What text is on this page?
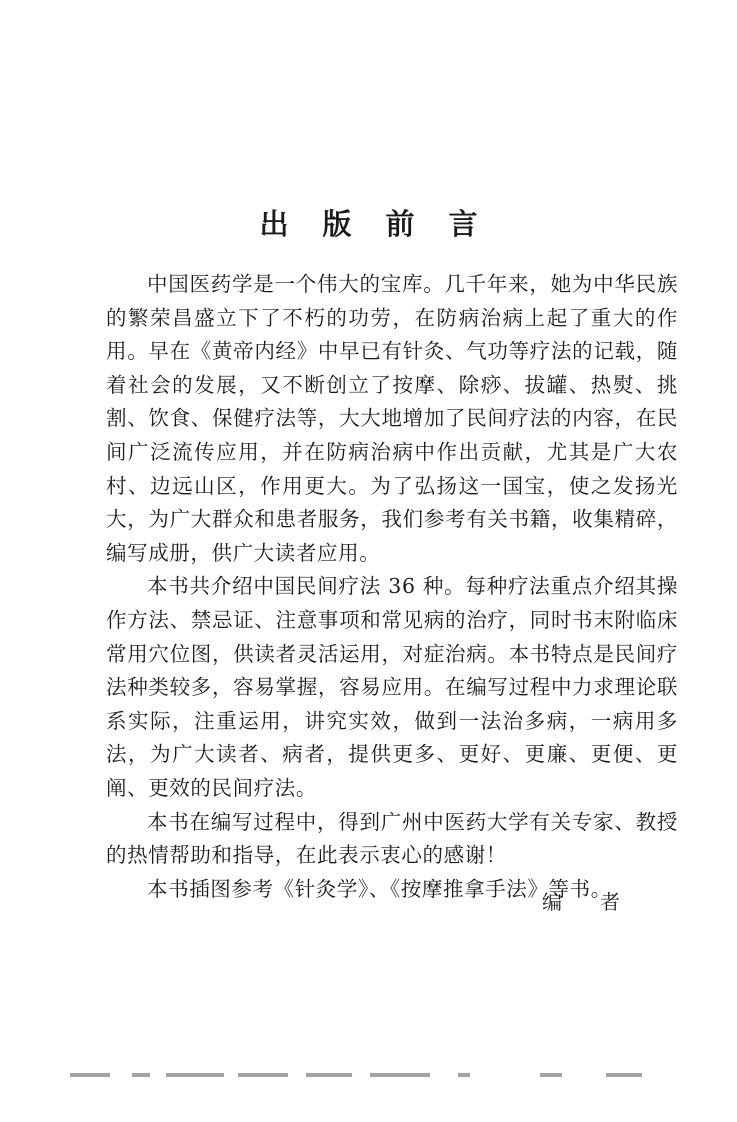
出版前言

中国医药学是一个伟大的宝库。几千年来，她为中华民族的繁荣昌盛立下了不朽的功劳，在防病治病上起了重大的作用。早在《黄帝内经》中早已有针灸、气功等疗法的记载，随着社会的发展，又不断创立了按摩、除痧、拔罐、热熨、挑割、饮食、保健疗法等，大大地增加了民间疗法的内容，在民间广泛流传应用，并在防病治病中作出贡献，尤其是广大农村、边远山区，作用更大。为了弘扬这一国宝，使之发扬光大，为广大群众和患者服务，我们参考有关书籍，收集精碎，编写成册，供广大读者应用。

本书共介绍中国民间疗法 36 种。每种疗法重点介绍其操作方法、禁忌证、注意事项和常见病的治疗，同时书末附临床常用穴位图，供读者灵活运用，对症治病。本书特点是民间疗法种类较多，容易掌握，容易应用。在编写过程中力求理论联系实际，注重运用，讲究实效，做到一法治多病，一病用多法，为广大读者、病者，提供更多、更好、更廉、更便、更阐、更效的民间疗法。

本书在编写过程中，得到广州中医药大学有关专家、教授的热情帮助和指导，在此表示衷心的感谢！

本书插图参考《针灸学》、《按摩推拿手法》等书。

编者
